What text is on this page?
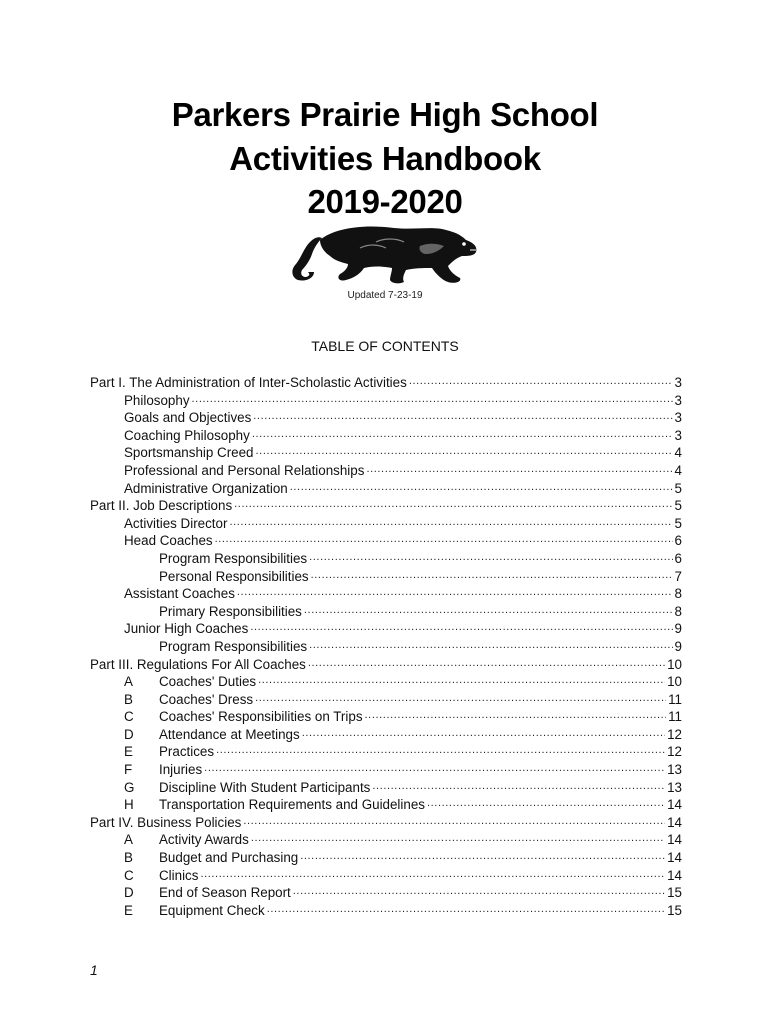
Parkers Prairie High School
Activities Handbook
2019-2020
Updated 7-23-19
TABLE OF CONTENTS
Part I. The Administration of Inter-Scholastic Activities .....	3
Philosophy .....	3
Goals and Objectives .....	3
Coaching Philosophy .....	3
Sportsmanship Creed .....	4
Professional and Personal Relationships .....	4
Administrative Organization .....	5
Part II. Job Descriptions .....	5
Activities Director .....	5
Head Coaches .....	6
Program Responsibilities .....	6
Personal Responsibilities .....	7
Assistant Coaches .....	8
Primary Responsibilities .....	8
Junior High Coaches .....	9
Program Responsibilities .....	9
Part III. Regulations For All Coaches .....	10
A	Coaches' Duties .....	10
B	Coaches' Dress .....	11
C	Coaches' Responsibilities on Trips .....	11
D	Attendance at Meetings .....	12
E	Practices .....	12
F	Injuries .....	13
G	Discipline With Student Participants .....	13
H	Transportation Requirements and Guidelines .....	14
Part IV. Business Policies .....	14
A	Activity Awards .....	14
B	Budget and Purchasing .....	14
C	Clinics .....	14
D	End of Season Report .....	15
E	Equipment Check .....	15
1
